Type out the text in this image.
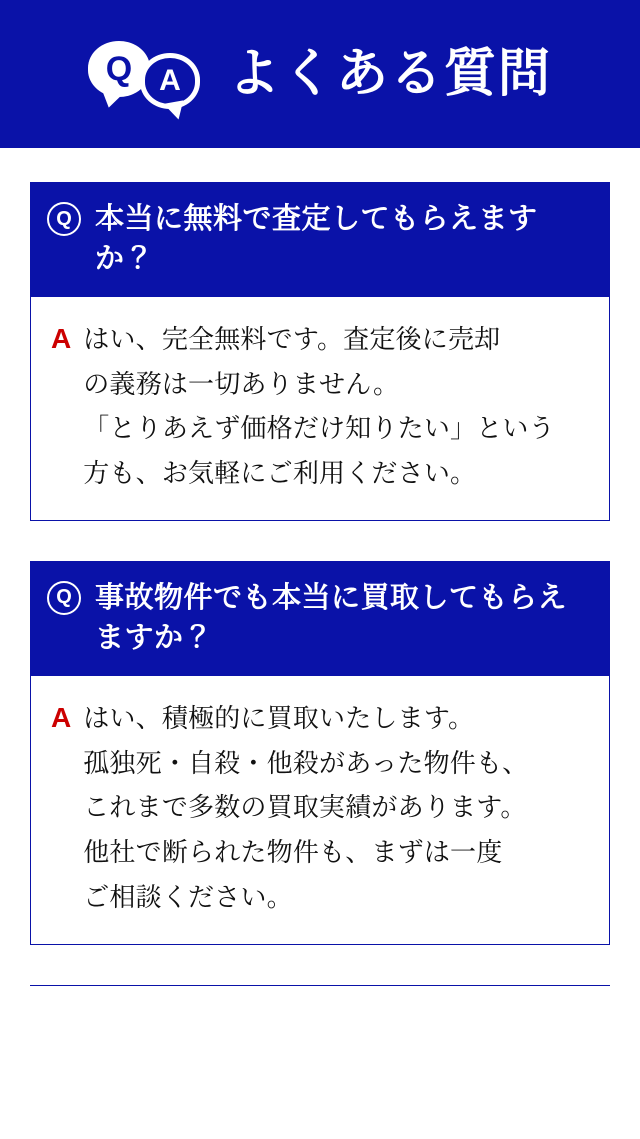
Q A よくある質問
Q 本当に無料で査定してもらえますか？
A はい、完全無料です。査定後に売却
の義務は一切ありません。
「とりあえず価格だけ知りたい」という
方も、お気軽にご利用ください。
Q 事故物件でも本当に買取してもらえますか？
A はい、積極的に買取いたします。
孤独死・自殺・他殺があった物件も、
これまで多数の買取実績があります。
他社で断られた物件も、まずは一度
ご相談ください。
